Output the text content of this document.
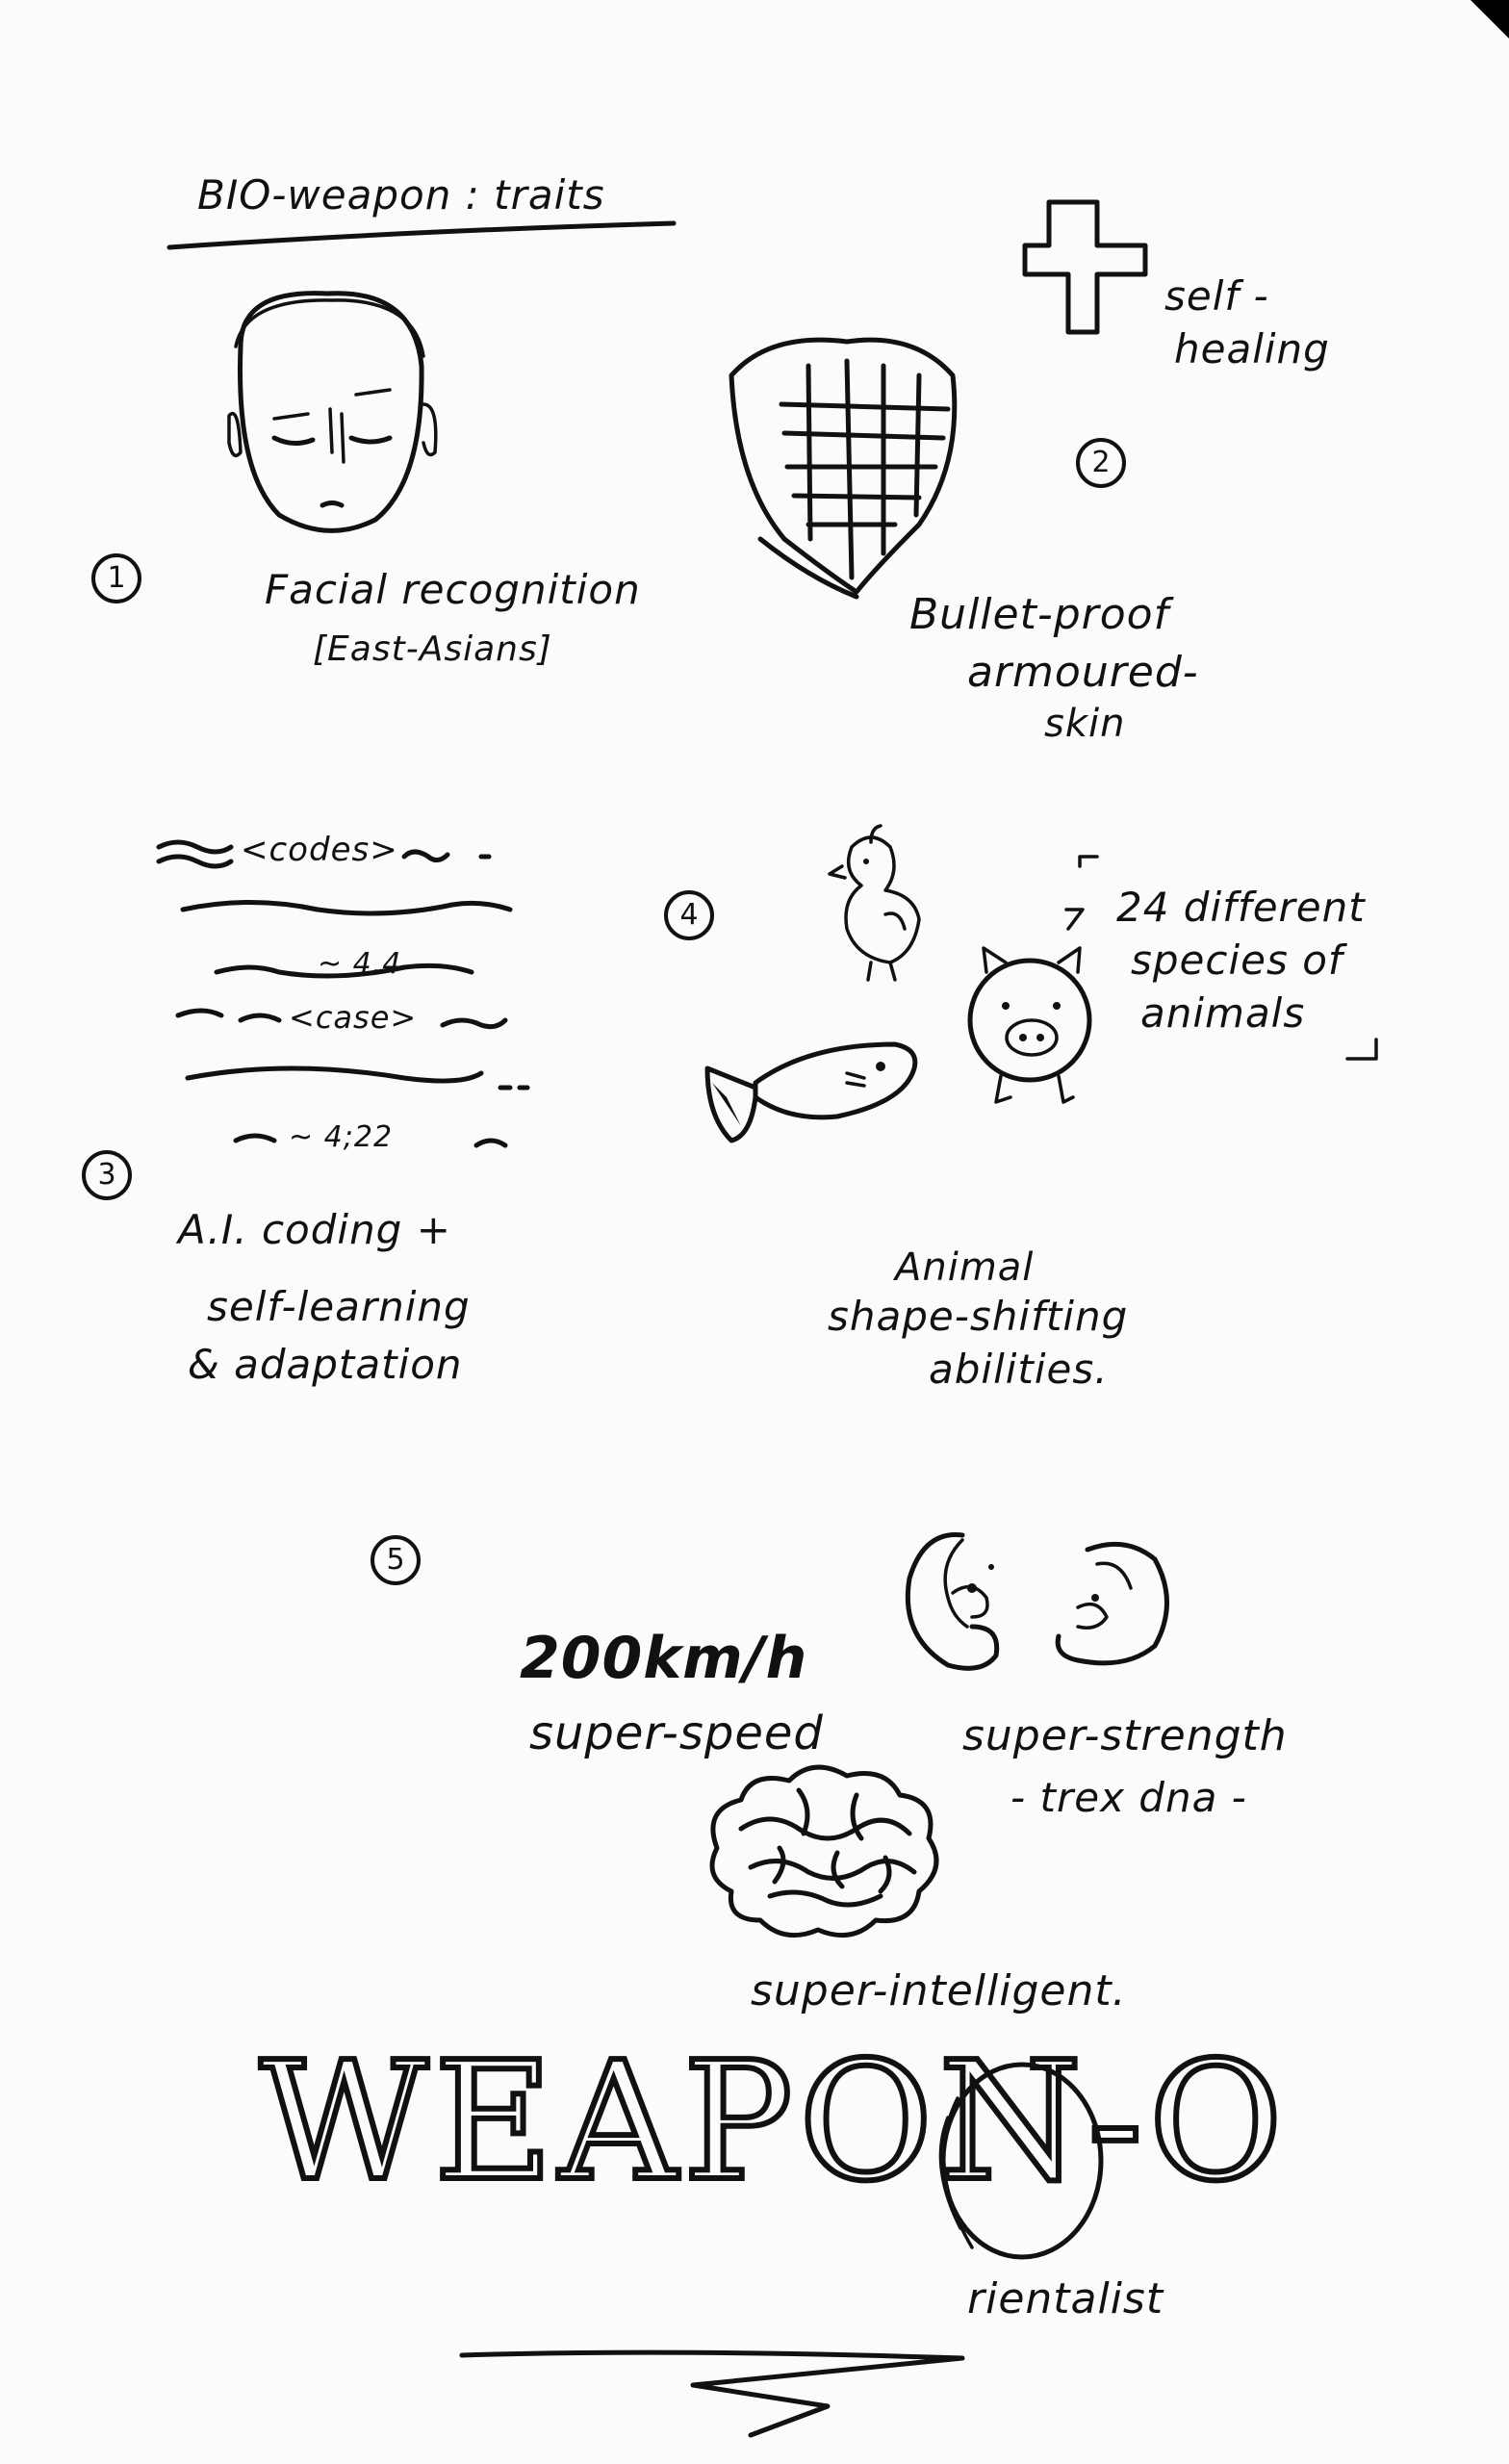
BIO-weapon : traits
1
2
3
4
5
Facial recognition
[East-Asians]
Bullet-proof
armoured-
skin
self -
healing
<codes>
~ 4.4
<case>
~ 4;22
A.I. coding +
self-learning
& adaptation
24 different
species of
animals
Animal
shape-shifting
abilities.
200km/h
super-speed	super-strength
- trex dna -
super-intelligent.
WEAPON-O
rientalist
